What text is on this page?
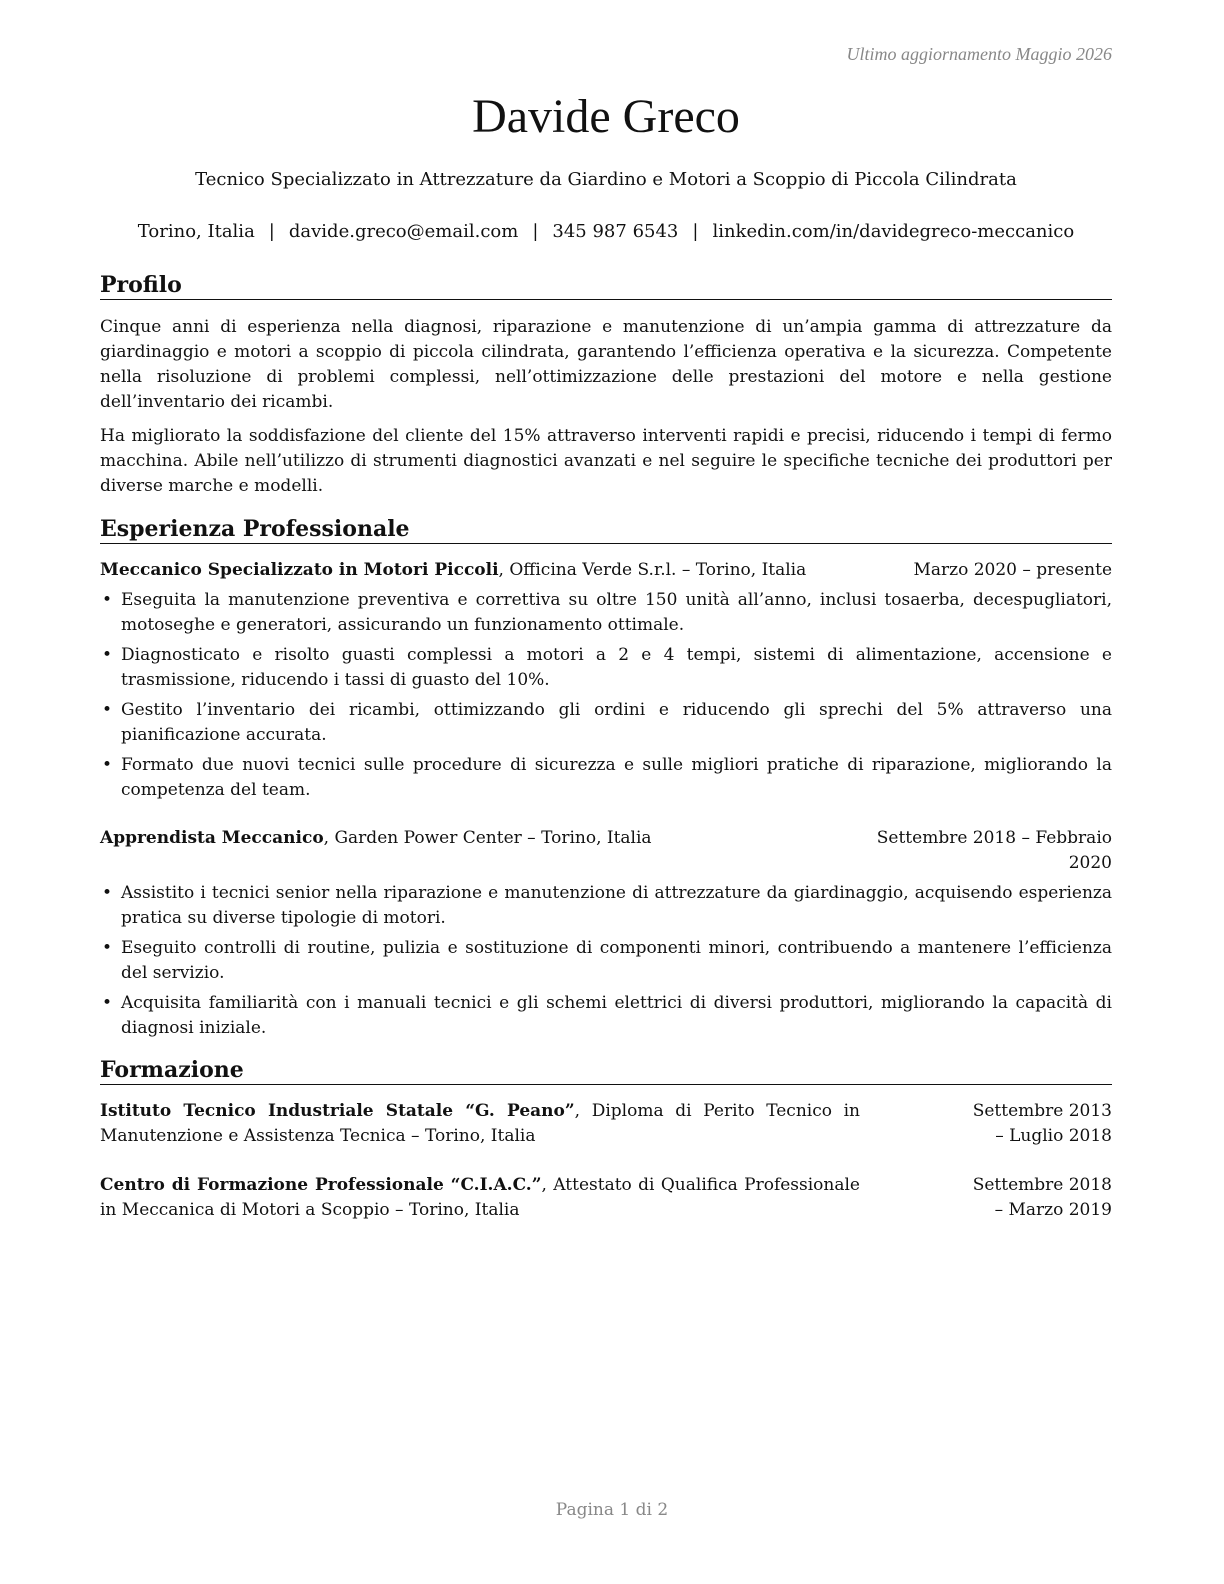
Ultimo aggiornamento Maggio 2026
Davide Greco
Tecnico Specializzato in Attrezzature da Giardino e Motori a Scoppio di Piccola Cilindrata
Torino, Italia | davide.greco@email.com | 345 987 6543 | linkedin.com/in/davidegreco-meccanico
Profilo
Cinque anni di esperienza nella diagnosi, riparazione e manutenzione di un’ampia gamma di attrezzature da giardinaggio e motori a scoppio di piccola cilindrata, garantendo l’efficienza operativa e la sicurezza. Competente nella risoluzione di problemi complessi, nell’ottimizzazione delle prestazioni del motore e nella gestione dell’inventario dei ricambi.
Ha migliorato la soddisfazione del cliente del 15% attraverso interventi rapidi e precisi, riducendo i tempi di fermo macchina. Abile nell’utilizzo di strumenti diagnostici avanzati e nel seguire le specifiche tecniche dei produttori per diverse marche e modelli.
Esperienza Professionale
Meccanico Specializzato in Motori Piccoli, Officina Verde S.r.l. – Torino, Italia	Marzo 2020 – presente
• Eseguita la manutenzione preventiva e correttiva su oltre 150 unità all’anno, inclusi tosaerba, decespugliatori, motoseghe e generatori, assicurando un funzionamento ottimale.
• Diagnosticato e risolto guasti complessi a motori a 2 e 4 tempi, sistemi di alimentazione, accensione e trasmissione, riducendo i tassi di guasto del 10%.
• Gestito l’inventario dei ricambi, ottimizzando gli ordini e riducendo gli sprechi del 5% attraverso una pianificazione accurata.
• Formato due nuovi tecnici sulle procedure di sicurezza e sulle migliori pratiche di riparazione, migliorando la competenza del team.
Apprendista Meccanico, Garden Power Center – Torino, Italia	Settembre 2018 – Febbraio 2020
• Assistito i tecnici senior nella riparazione e manutenzione di attrezzature da giardinaggio, acquisendo esperienza pratica su diverse tipologie di motori.
• Eseguito controlli di routine, pulizia e sostituzione di componenti minori, contribuendo a mantenere l’efficienza del servizio.
• Acquisita familiarità con i manuali tecnici e gli schemi elettrici di diversi produttori, migliorando la capacità di diagnosi iniziale.
Formazione
Istituto Tecnico Industriale Statale “G. Peano”, Diploma di Perito Tecnico in Manutenzione e Assistenza Tecnica – Torino, Italia
Settembre 2013 – Luglio 2018
Centro di Formazione Professionale “C.I.A.C.”, Attestato di Qualifica Professionale in Meccanica di Motori a Scoppio – Torino, Italia
Settembre 2018 – Marzo 2019
Pagina 1 di 2
